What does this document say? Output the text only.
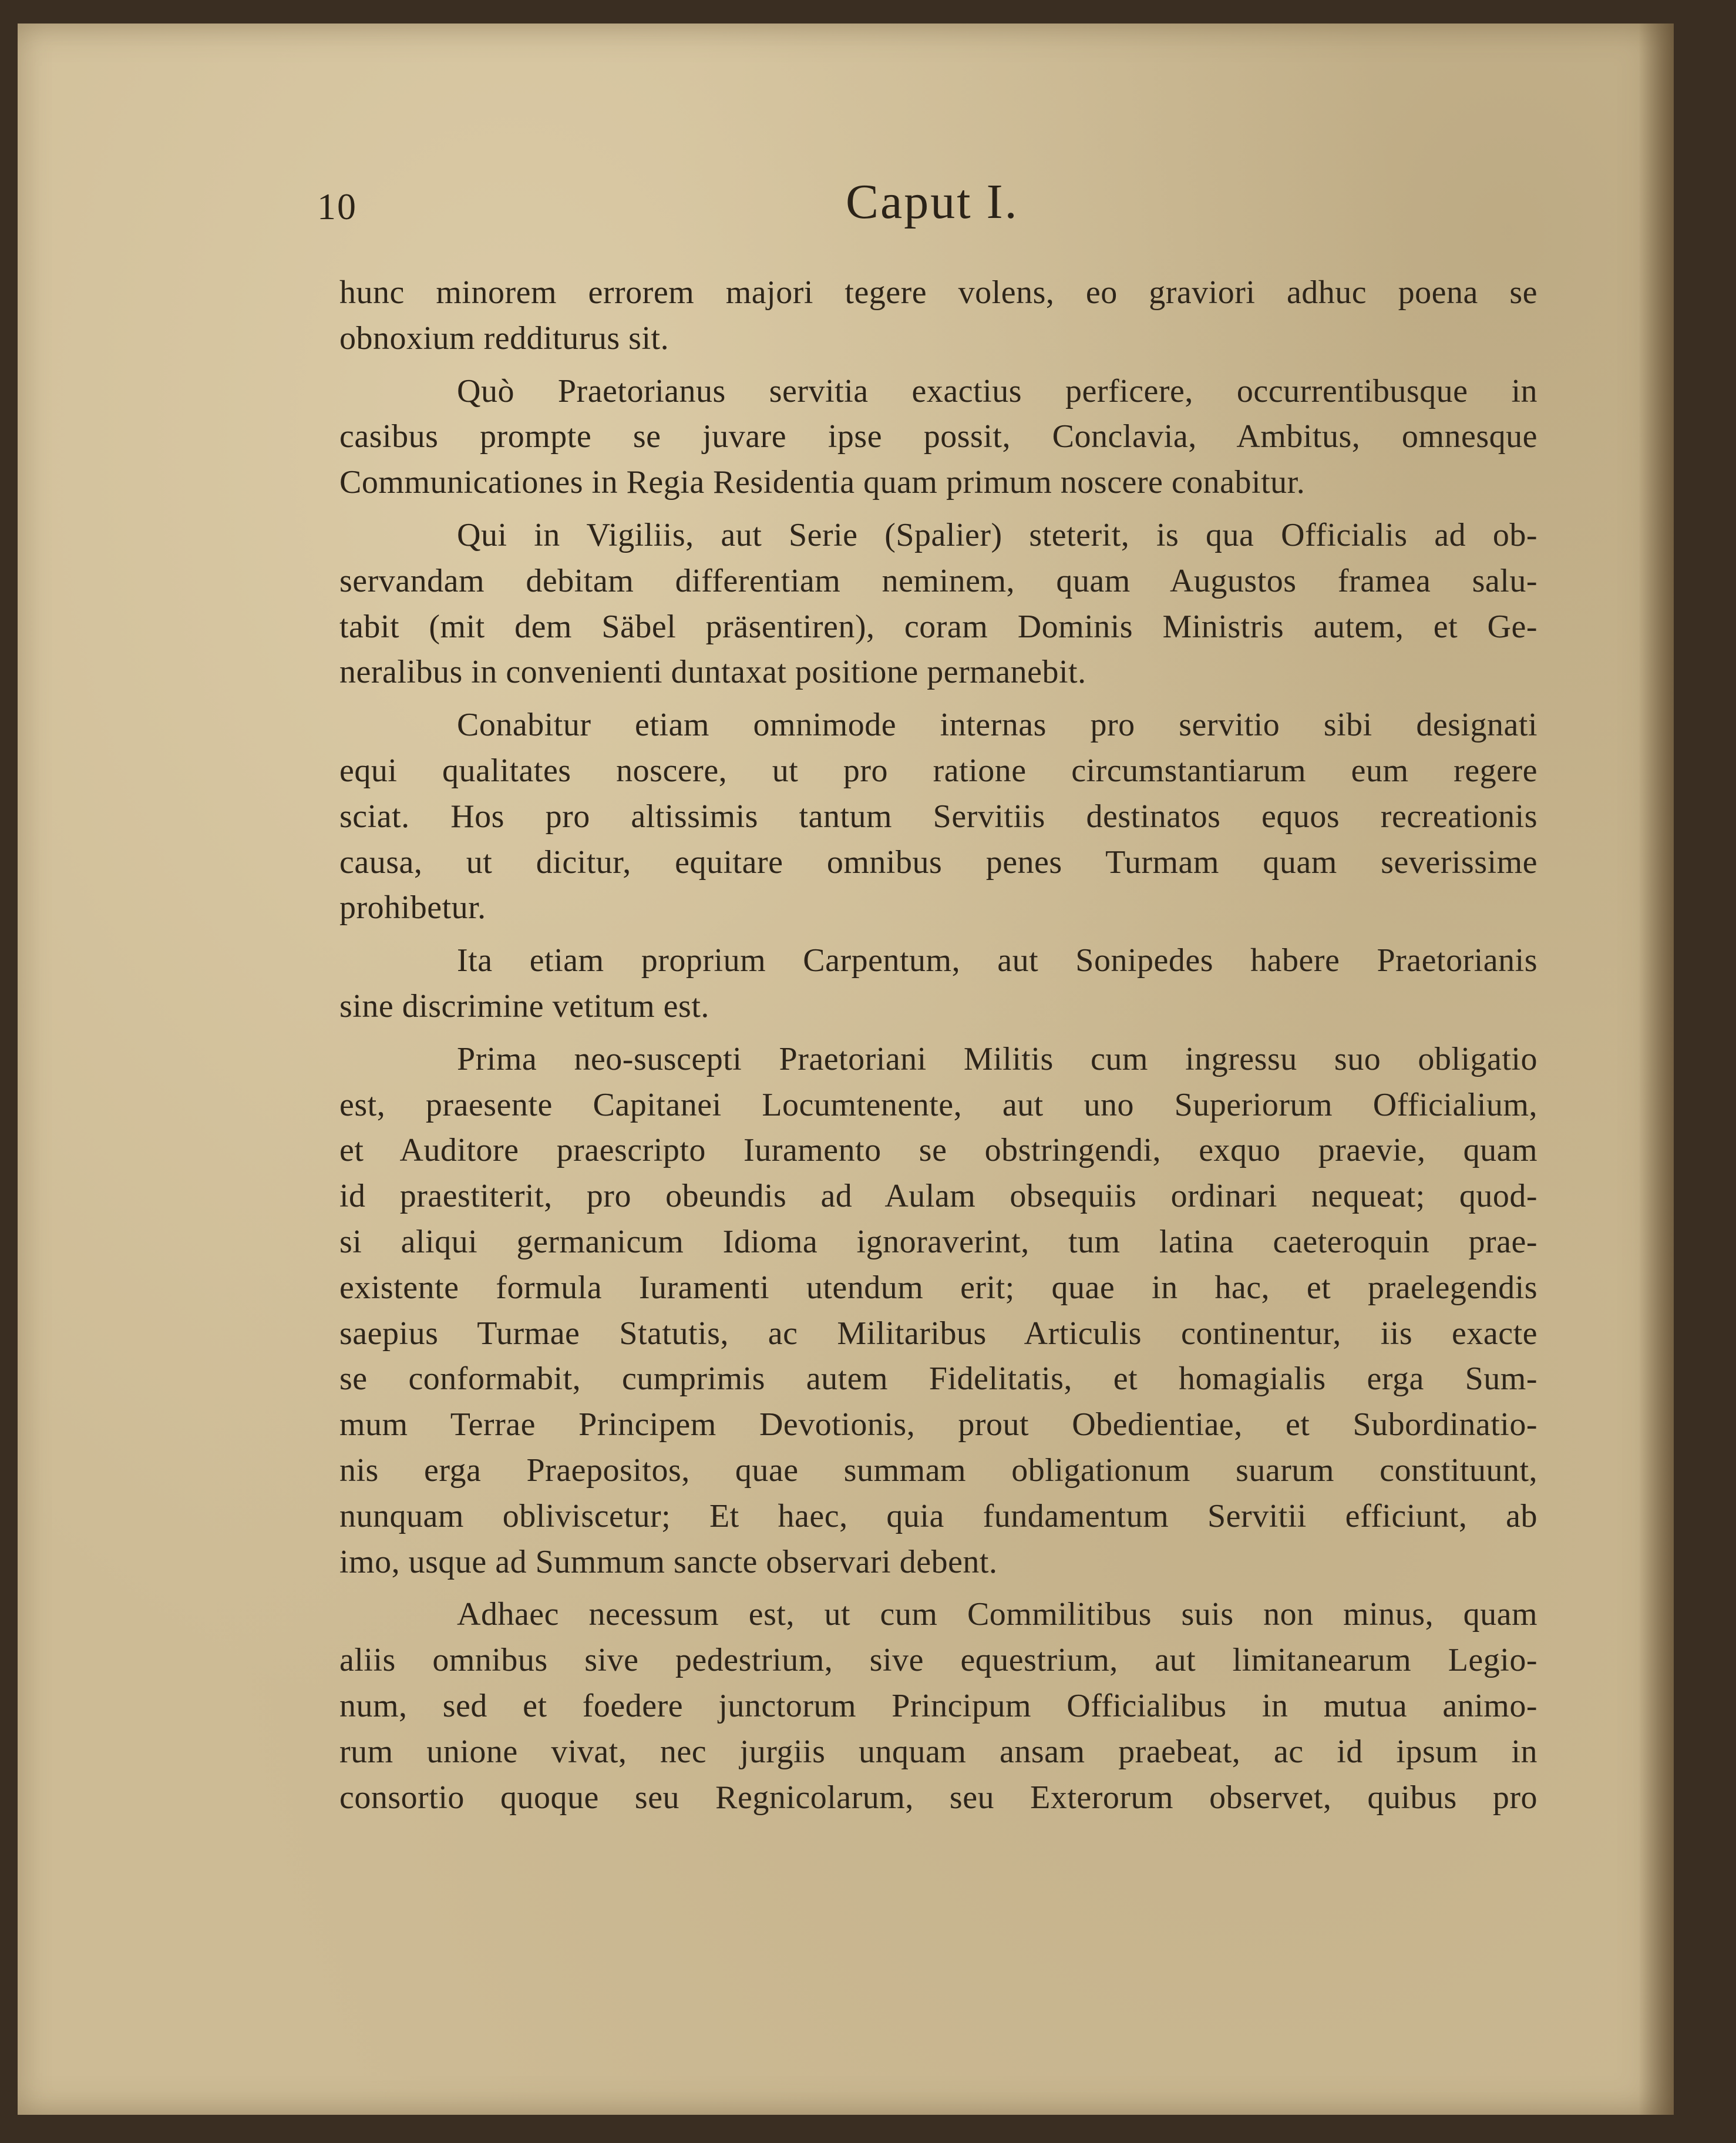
10	Caput I.
hunc minorem errorem majori tegere volens, eo graviori adhuc poena se
obnoxium redditurus sit.
Quò Praetorianus servitia exactius perficere, occurrentibusque in
casibus prompte se juvare ipse possit, Conclavia, Ambitus, omnesque
Communicationes in Regia Residentia quam primum noscere conabitur.
Qui in Vigiliis, aut Serie (Spalier) steterit, is qua Officialis ad ob-
servandam debitam differentiam neminem, quam Augustos framea salu-
tabit (mit dem Säbel präsentiren), coram Dominis Ministris autem, et Ge-
neralibus in convenienti duntaxat positione permanebit.
Conabitur etiam omnimode internas pro servitio sibi designati
equi qualitates noscere, ut pro ratione circumstantiarum eum regere
sciat. Hos pro altissimis tantum Servitiis destinatos equos recreationis
causa, ut dicitur, equitare omnibus penes Turmam quam severissime
prohibetur.
Ita etiam proprium Carpentum, aut Sonipedes habere Praetorianis
sine discrimine vetitum est.
Prima neo-suscepti Praetoriani Militis cum ingressu suo obligatio
est, praesente Capitanei Locumtenente, aut uno Superiorum Officialium,
et Auditore praescripto Iuramento se obstringendi, exquo praevie, quam
id praestiterit, pro obeundis ad Aulam obsequiis ordinari nequeat; quod-
si aliqui germanicum Idioma ignoraverint, tum latina caeteroquin prae-
existente formula Iuramenti utendum erit; quae in hac, et praelegendis
saepius Turmae Statutis, ac Militaribus Articulis continentur, iis exacte
se conformabit, cumprimis autem Fidelitatis, et homagialis erga Sum-
mum Terrae Principem Devotionis, prout Obedientiae, et Subordinatio-
nis erga Praepositos, quae summam obligationum suarum constituunt,
nunquam obliviscetur; Et haec, quia fundamentum Servitii efficiunt, ab
imo, usque ad Summum sancte observari debent.
Adhaec necessum est, ut cum Commilitibus suis non minus, quam
aliis omnibus sive pedestrium, sive equestrium, aut limitanearum Legio-
num, sed et foedere junctorum Principum Officialibus in mutua animo-
rum unione vivat, nec jurgiis unquam ansam praebeat, ac id ipsum in
consortio quoque seu Regnicolarum, seu Exterorum observet, quibus pro
